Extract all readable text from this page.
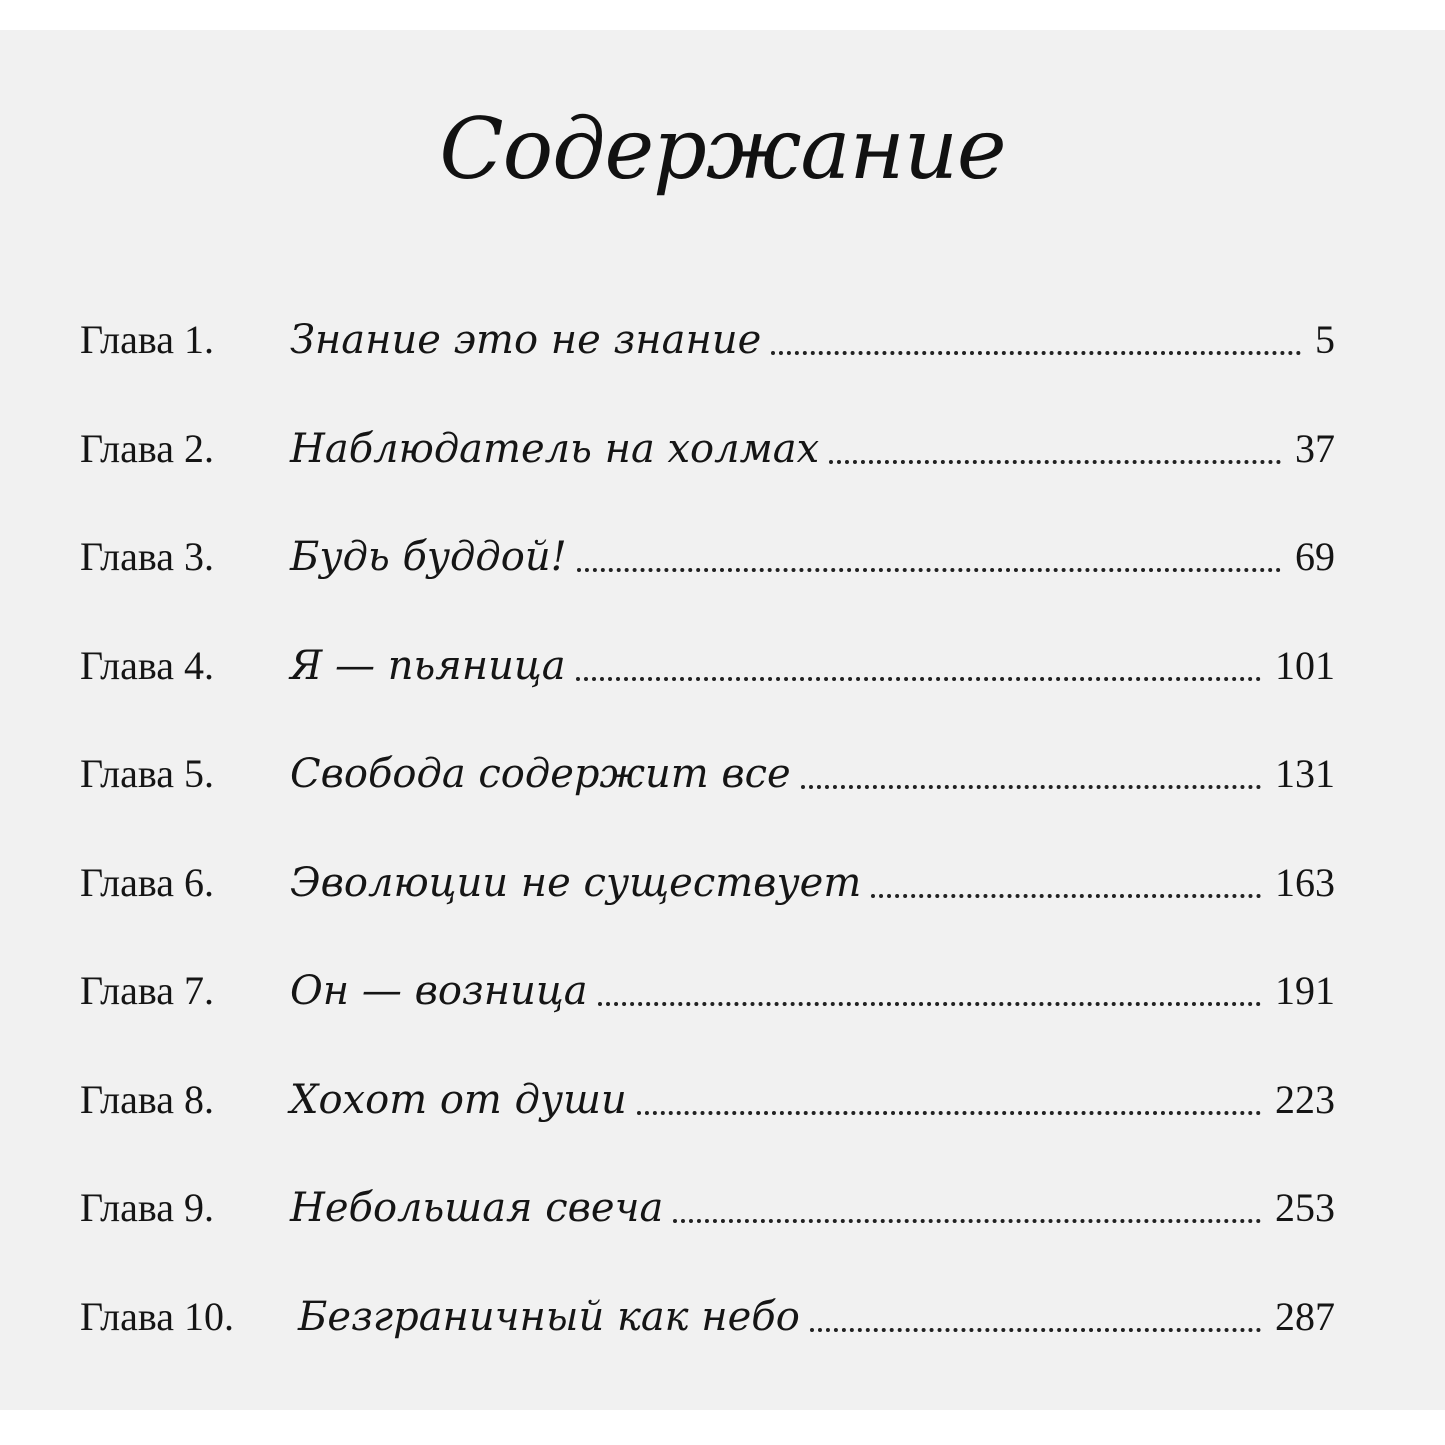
Содержание
Глава 1.	Знание это не знание	5
Глава 2.	Наблюдатель на холмах	37
Глава 3.	Будь буддой!	69
Глава 4.	Я — пьяница	101
Глава 5.	Свобода содержит все	131
Глава 6.	Эволюции не существует	163
Глава 7.	Он — возница	191
Глава 8.	Хохот от души	223
Глава 9.	Небольшая свеча	253
Глава 10.	Безграничный как небо	287
